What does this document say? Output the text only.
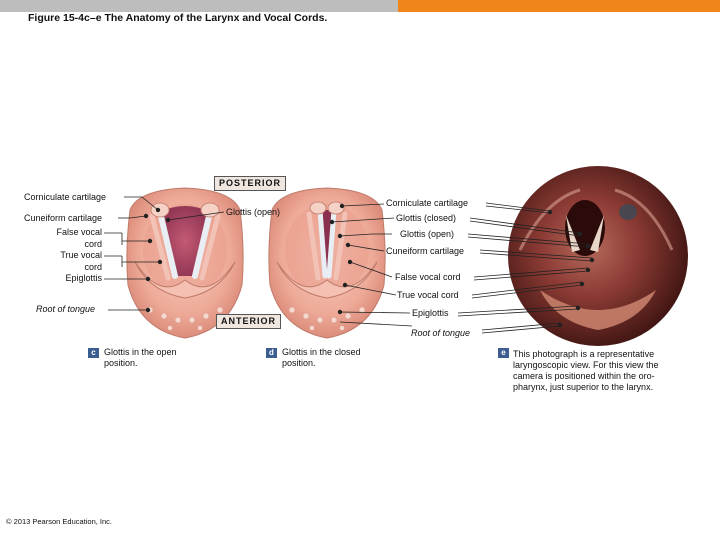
Figure 15-4c–e The Anatomy of the Larynx and Vocal Cords.
POSTERIOR
ANTERIOR
Corniculate cartilage
Cuneiform cartilage
False vocal
cord
True vocal
cord
Epiglottis
Root of tongue
Glottis (open)
Corniculate cartilage
Glottis (closed)
Glottis (open)
Cuneiform cartilage
False vocal cord
True vocal cord
Epiglottis
Root of tongue
c Glottis in the open
position.
d Glottis in the closed
position.
e This photograph is a representative
laryngoscopic view. For this view the
camera is positioned within the oro-
pharynx, just superior to the larynx.
© 2013 Pearson Education, Inc.
